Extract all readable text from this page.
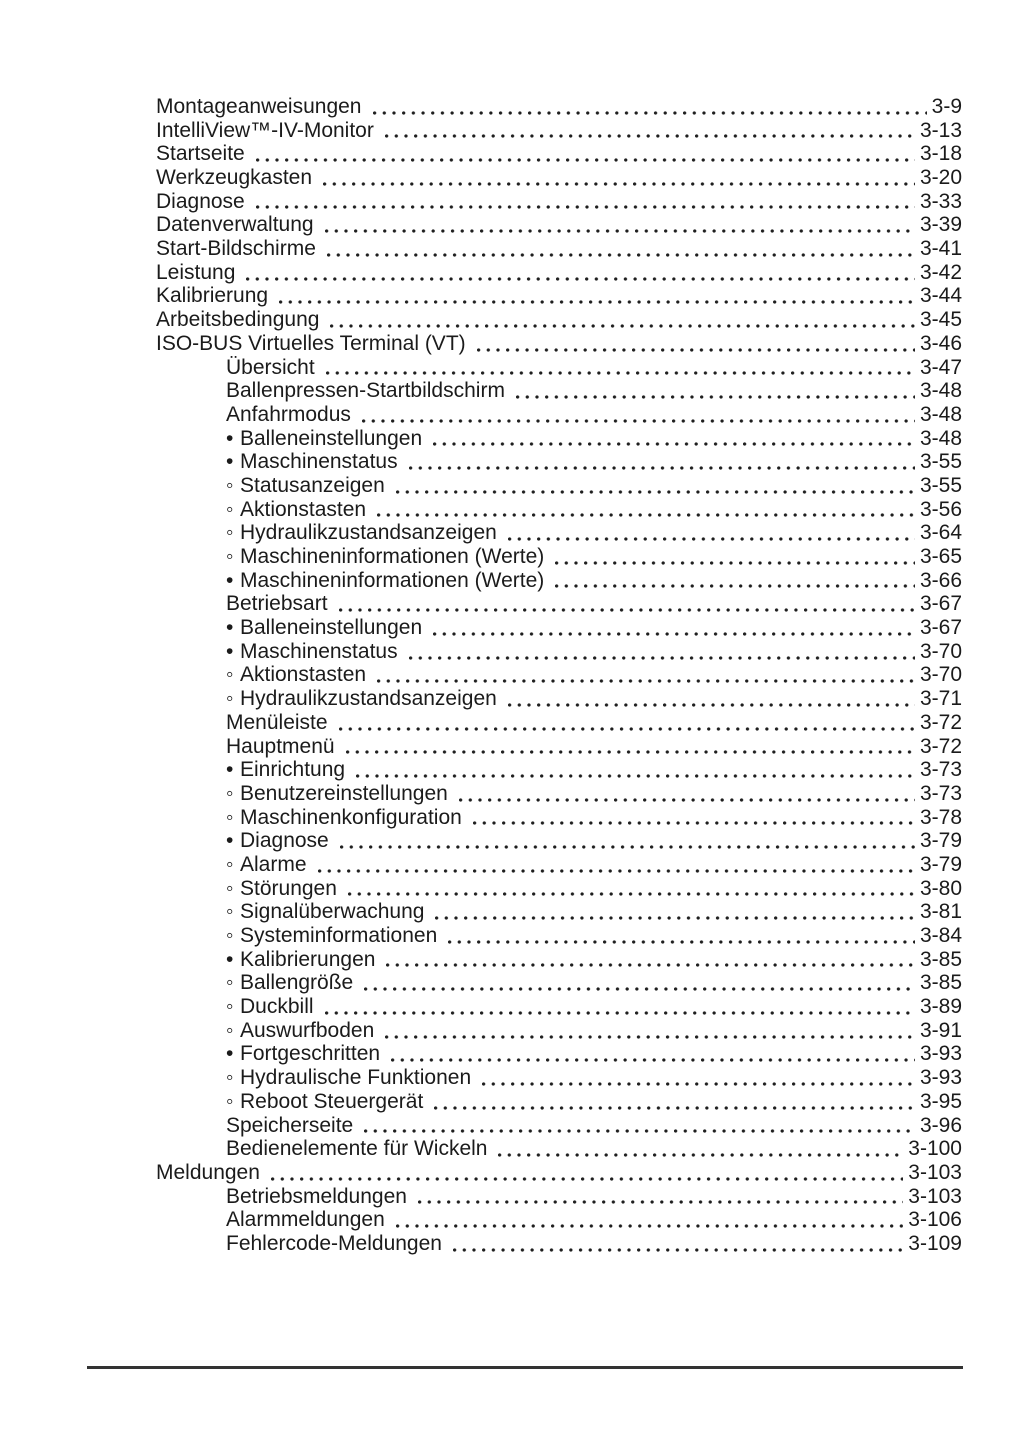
Montageanweisungen	3-9
IntelliView™-IV-Monitor	3-13
Startseite	3-18
Werkzeugkasten	3-20
Diagnose	3-33
Datenverwaltung	3-39
Start-Bildschirme	3-41
Leistung	3-42
Kalibrierung	3-44
Arbeitsbedingung	3-45
ISO-BUS Virtuelles Terminal (VT)	3-46
Übersicht	3-47
Ballenpressen-Startbildschirm	3-48
Anfahrmodus	3-48
• Balleneinstellungen	3-48
• Maschinenstatus	3-55
◦ Statusanzeigen	3-55
◦ Aktionstasten	3-56
◦ Hydraulikzustandsanzeigen	3-64
◦ Maschineninformationen (Werte)	3-65
• Maschineninformationen (Werte)	3-66
Betriebsart	3-67
• Balleneinstellungen	3-67
• Maschinenstatus	3-70
◦ Aktionstasten	3-70
◦ Hydraulikzustandsanzeigen	3-71
Menüleiste	3-72
Hauptmenü	3-72
• Einrichtung	3-73
◦ Benutzereinstellungen	3-73
◦ Maschinenkonfiguration	3-78
• Diagnose	3-79
◦ Alarme	3-79
◦ Störungen	3-80
◦ Signalüberwachung	3-81
◦ Systeminformationen	3-84
• Kalibrierungen	3-85
◦ Ballengröße	3-85
◦ Duckbill	3-89
◦ Auswurfboden	3-91
• Fortgeschritten	3-93
◦ Hydraulische Funktionen	3-93
◦ Reboot Steuergerät	3-95
Speicherseite	3-96
Bedienelemente für Wickeln	3-100
Meldungen	3-103
Betriebsmeldungen	3-103
Alarmmeldungen	3-106
Fehlercode-Meldungen	3-109
